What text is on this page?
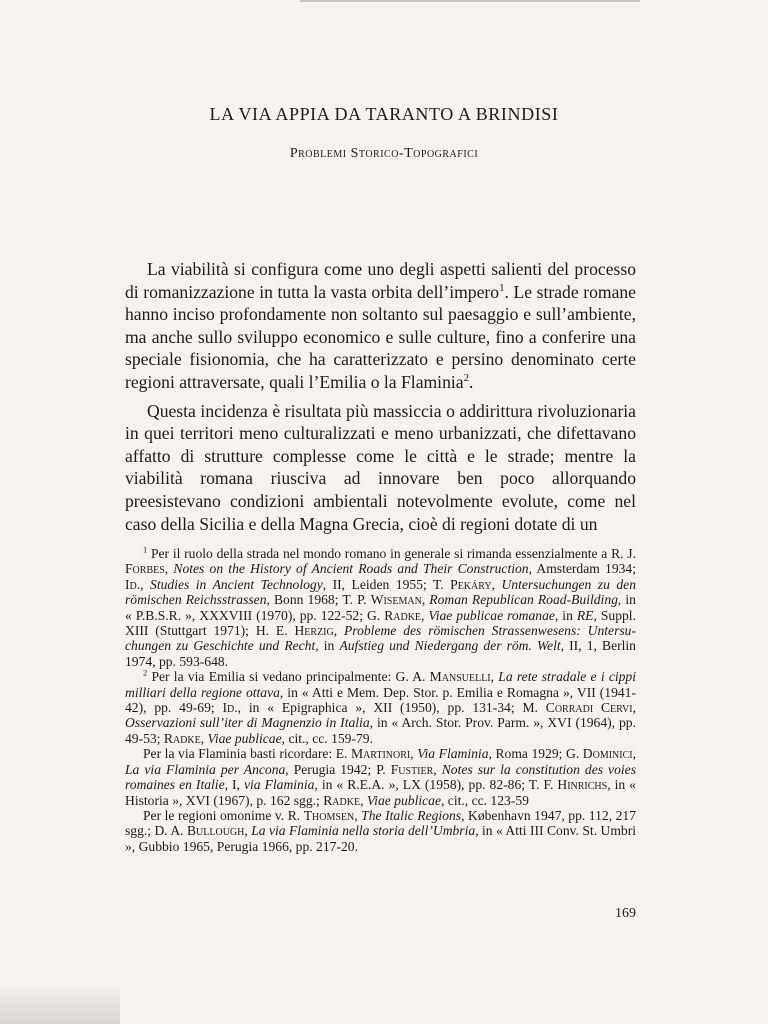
LA VIA APPIA DA TARANTO A BRINDISI
Problemi Storico-Topografici

La viabilità si configura come uno degli aspetti salienti del processo di romanizzazione in tutta la vasta orbita dell’impero$^1$. Le strade romane hanno inciso profondamente non soltanto sul paesaggio e sull’ambiente, ma anche sullo sviluppo economico e sulle culture, fino a conferire una speciale fisionomia, che ha caratterizzato e persino denominato certe regioni attraversate, quali l’Emilia o la Flaminia$^2$.

Questa incidenza è risultata più massiccia o addirittura rivoluzionaria in quei territori meno culturalizzati e meno urbanizzati, che difettavano affatto di strutture complesse come le città e le strade; mentre la viabilità romana riusciva ad innovare ben poco allorquando preesistevano condizioni ambientali notevolmente evolute, come nel caso della Sicilia e della Magna Grecia, cioè di regioni dotate di un

$^1$ Per il ruolo della strada nel mondo romano in generale si rimanda essenzialmente a R. J. Forbes, Notes on the History of Ancient Roads and Their Construction, Amsterdam 1934; Id., Studies in Ancient Technology, II, Leiden 1955; T. Pekáry, Untersuchungen zu den römischen Reichsstrassen, Bonn 1968; T. P. Wiseman, Roman Republican Road-Building, in « P.B.S.R. », XXXVIII (1970), pp. 122-52; G. Radke, Viae publicae romanae, in RE, Suppl. XIII (Stuttgart 1971); H. E. Herzig, Probleme des römischen Strassenwesens: Untersuchungen zu Geschichte und Recht, in Aufstieg und Niedergang der röm. Welt, II, 1, Berlin 1974, pp. 593-648.

$^2$ Per la via Emilia si vedano principalmente: G. A. Mansuelli, La rete stradale e i cippi milliari della regione ottava, in « Atti e Mem. Dep. Stor. p. Emilia e Romagna », VII (1941-42), pp. 49-69; Id., in « Epigraphica », XII (1950), pp. 131-34; M. Corradi Cervi, Osservazioni sull’iter di Magnenzio in Italia, in « Arch. Stor. Prov. Parm. », XVI (1964), pp. 49-53; Radke, Viae publicae, cit., cc. 159-79.

Per la via Flaminia basti ricordare: E. Martinori, Via Flaminia, Roma 1929; G. Dominici, La via Flaminia per Ancona, Perugia 1942; P. Fustier, Notes sur la constitution des voies romaines en Italie, I, via Flaminia, in « R.E.A. », LX (1958), pp. 82-86; T. F. Hinrichs, in « Historia », XVI (1967), p. 162 sgg.; Radke, Viae publicae, cit., cc. 123-59

Per le regioni omonime v. R. Thomsen, The Italic Regions, København 1947, pp. 112, 217 sgg.; D. A. Bullough, La via Flaminia nella storia dell’Umbria, in « Atti III Conv. St. Umbri », Gubbio 1965, Perugia 1966, pp. 217-20.

169
